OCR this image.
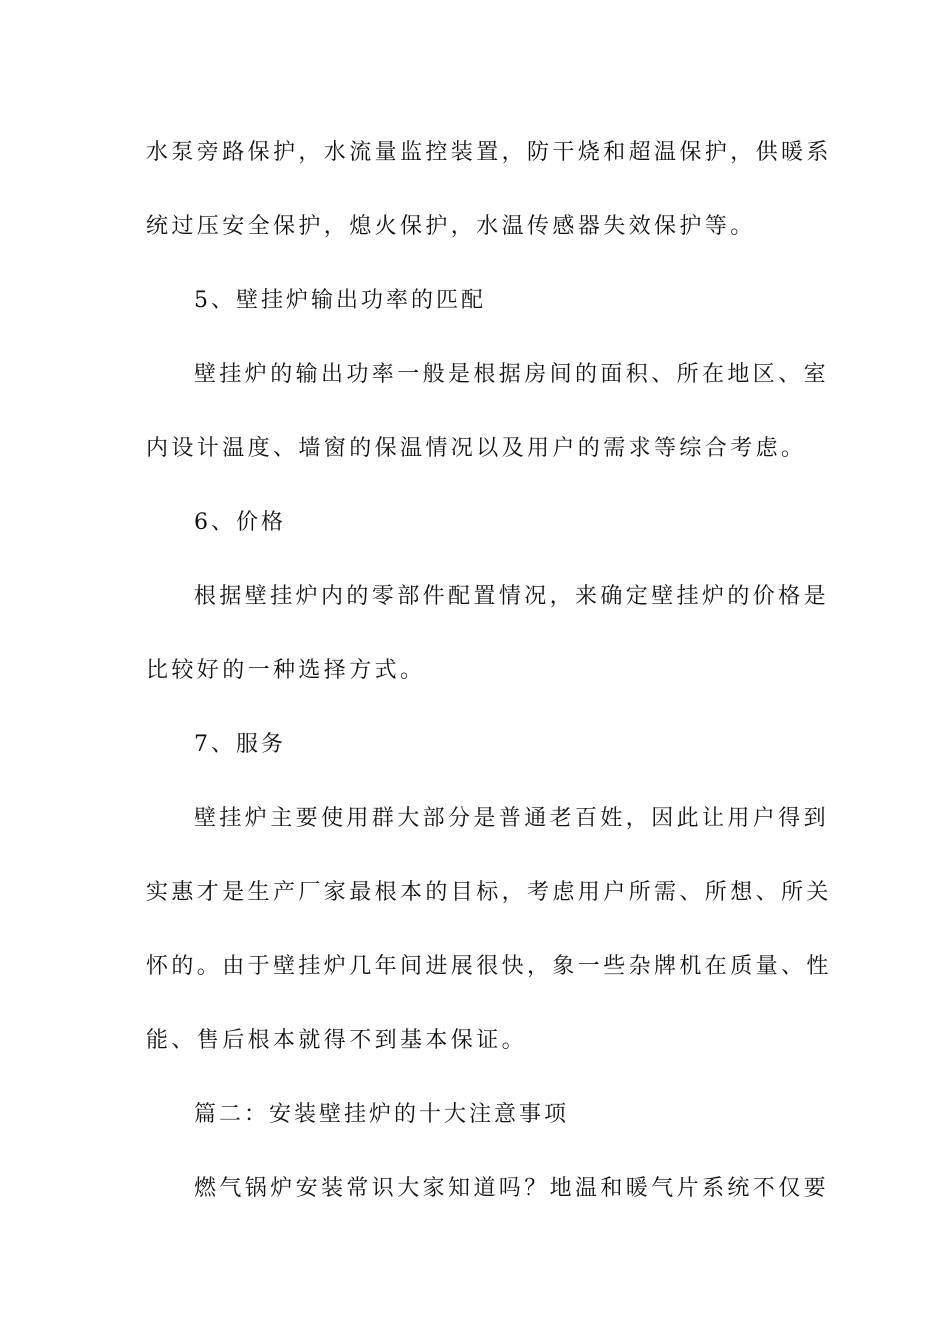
水泵旁路保护，水流量监控装置，防干烧和超温保护，供暖系

统过压安全保护，熄火保护，水温传感器失效保护等。

5、壁挂炉输出功率的匹配

壁挂炉的输出功率一般是根据房间的面积、所在地区、室

内设计温度、墙窗的保温情况以及用户的需求等综合考虑。

6、价格

根据壁挂炉内的零部件配置情况，来确定壁挂炉的价格是

比较好的一种选择方式。

7、服务

壁挂炉主要使用群大部分是普通老百姓，因此让用户得到

实惠才是生产厂家最根本的目标，考虑用户所需、所想、所关

怀的。由于壁挂炉几年间进展很快，象一些杂牌机在质量、性

能、售后根本就得不到基本保证。

篇二：安装壁挂炉的十大注意事项

燃气锅炉安装常识大家知道吗？地温和暖气片系统不仅要
